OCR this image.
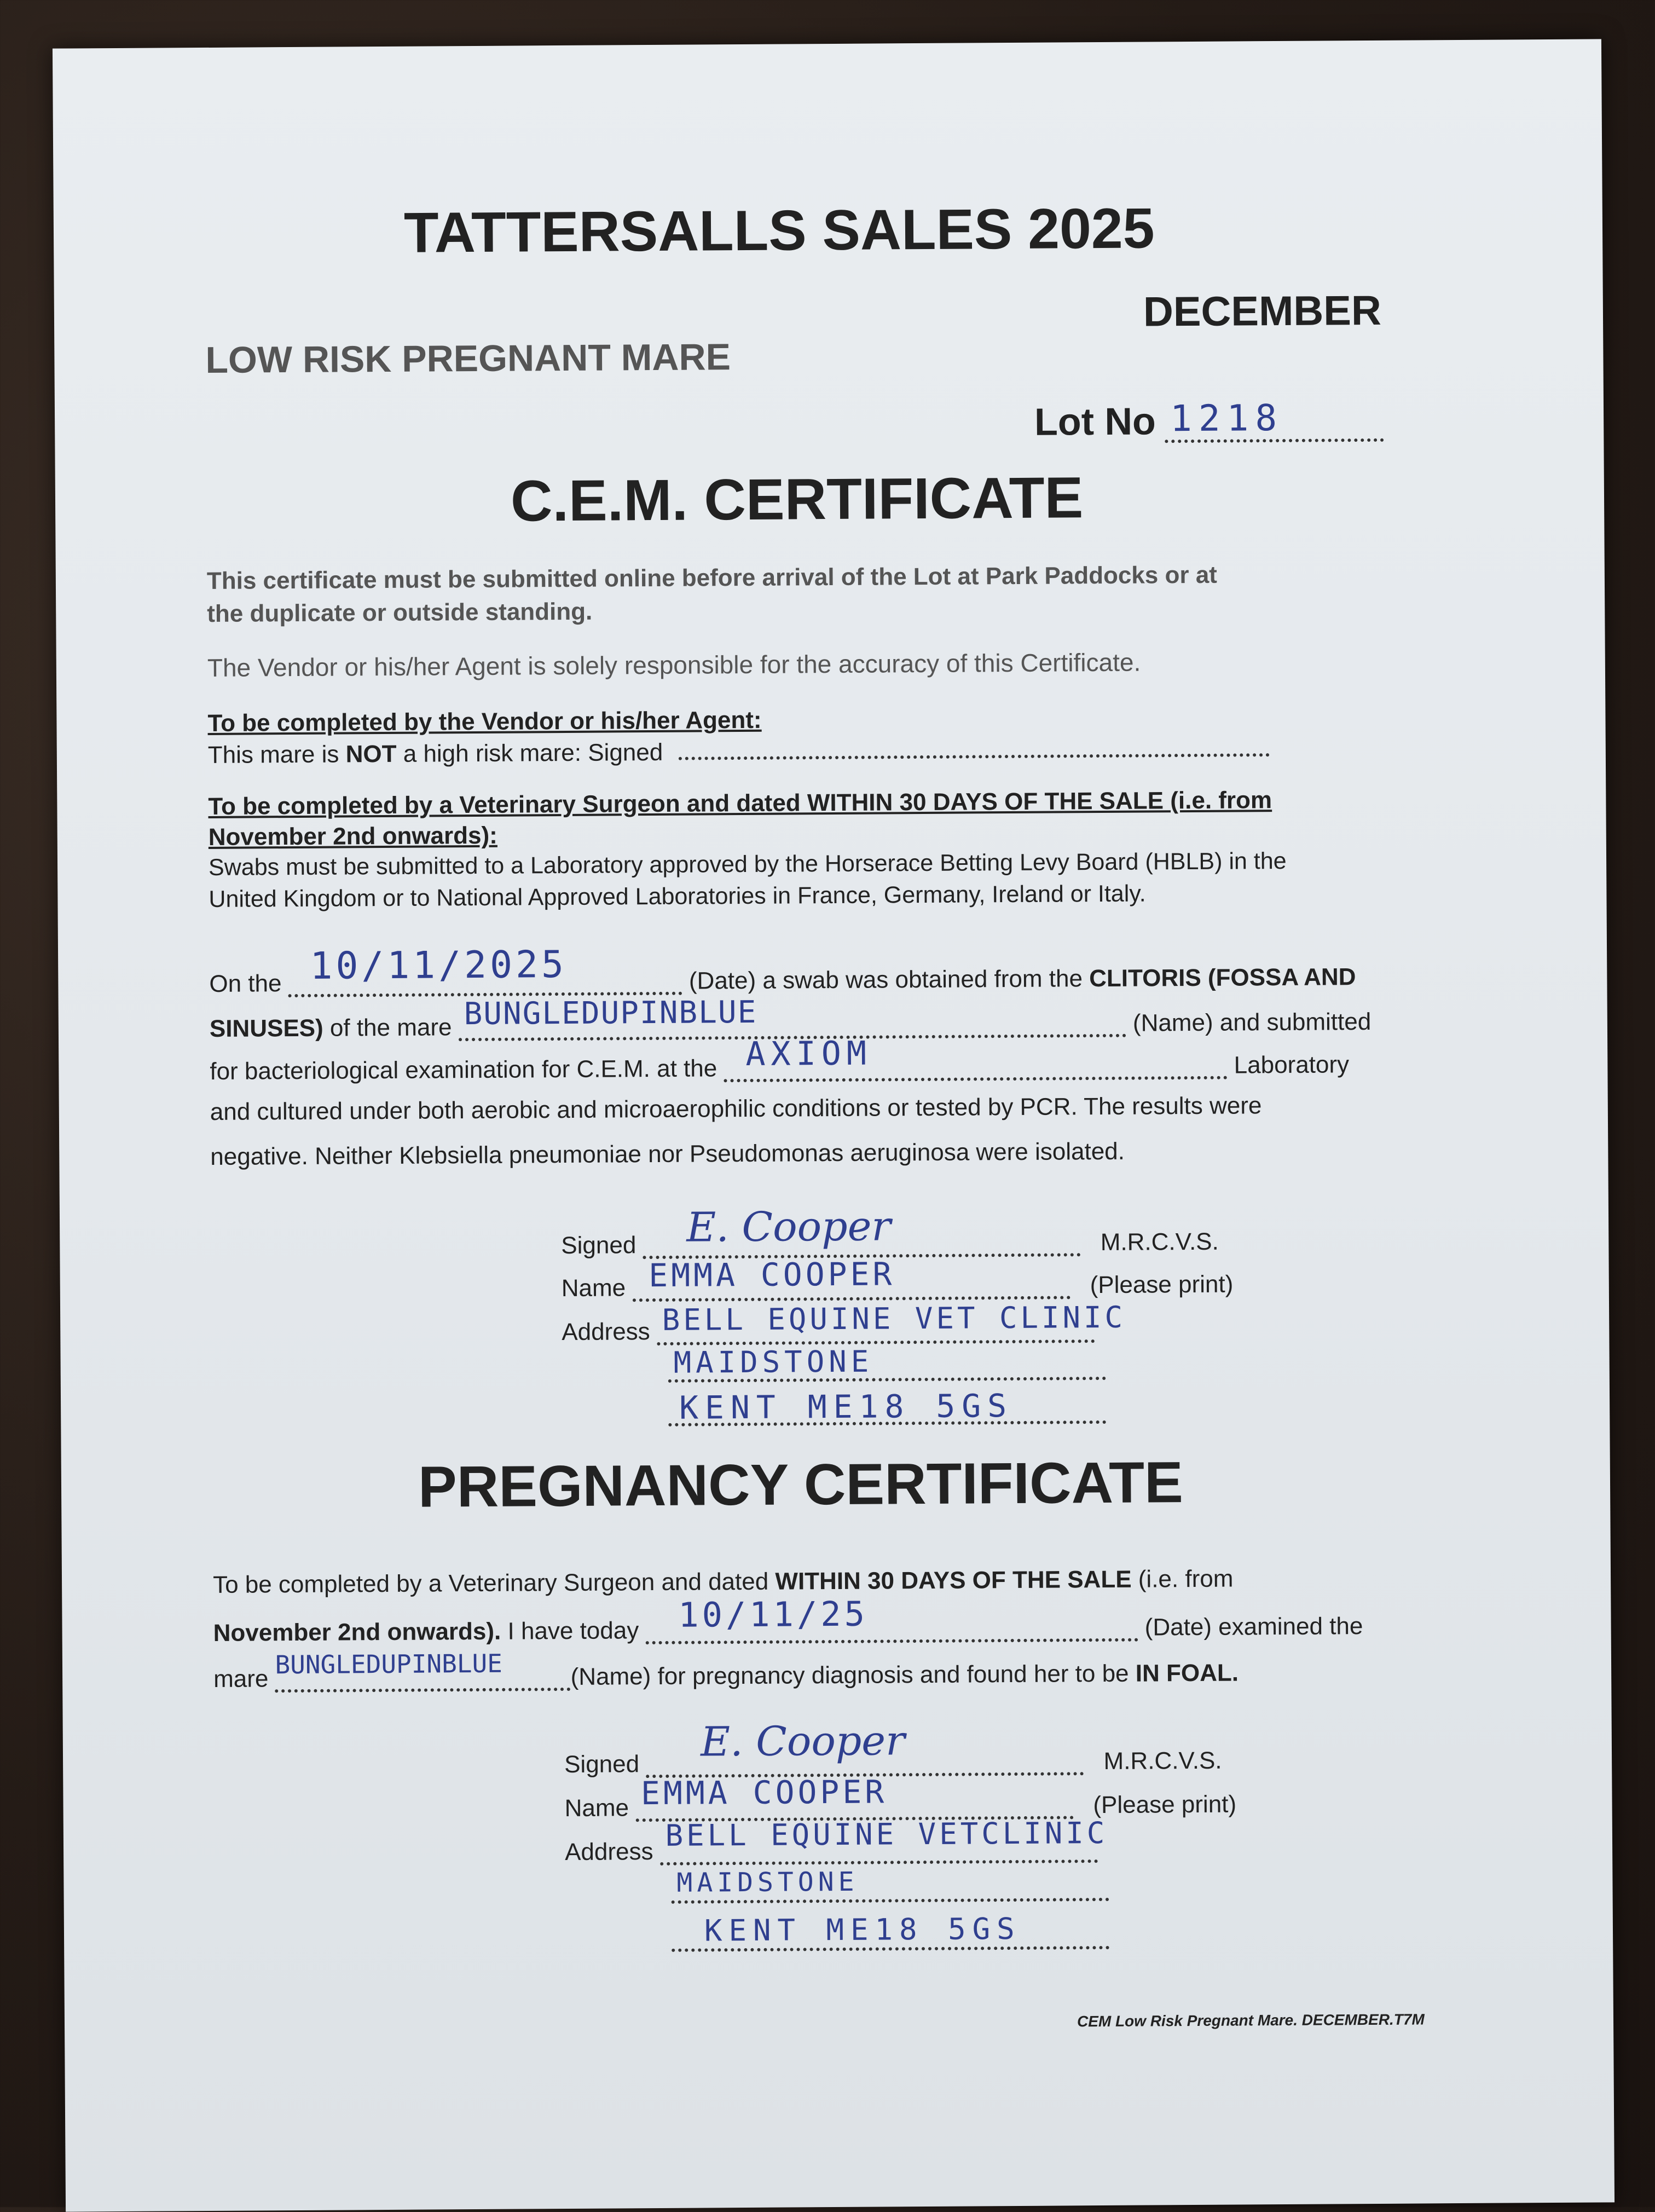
TATTERSALLS SALES 2025
DECEMBER
LOW RISK PREGNANT MARE
Lot No 1218
C.E.M. CERTIFICATE
This certificate must be submitted online before arrival of the Lot at Park Paddocks or at
the duplicate or outside standing.
The Vendor or his/her Agent is solely responsible for the accuracy of this Certificate.
To be completed by the Vendor or his/her Agent:
This mare is NOT a high risk mare: Signed
To be completed by a Veterinary Surgeon and dated WITHIN 30 DAYS OF THE SALE (i.e. from
November 2nd onwards):
Swabs must be submitted to a Laboratory approved by the Horserace Betting Levy Board (HBLB) in the
United Kingdom or to National Approved Laboratories in France, Germany, Ireland or Italy.
On the 10/11/2025	(Date) a swab was obtained from the CLITORIS (FOSSA AND
SINUSES) of the mare BUNGLEDUPINBLUE	(Name) and submitted
for bacteriological examination for C.E.M. at the AXIOM	Laboratory
and cultured under both aerobic and microaerophilic conditions or tested by PCR. The results were
negative. Neither Klebsiella pneumoniae nor Pseudomonas aeruginosa were isolated.
Signed E. Cooper	M.R.C.V.S.
Name EMMA COOPER	(Please print)
Address BELL EQUINE VET CLINIC
MAIDSTONE
KENT ME18 5GS
PREGNANCY CERTIFICATE
To be completed by a Veterinary Surgeon and dated WITHIN 30 DAYS OF THE SALE (i.e. from
November 2nd onwards). I have today 10/11/25	(Date) examined the
mare BUNGLEDUPINBLUE	(Name) for pregnancy diagnosis and found her to be IN FOAL.
Signed E. Cooper	M.R.C.V.S.
Name EMMA COOPER	(Please print)
Address BELL EQUINE VETCLINIC
MAIDSTONE
KENT ME18 5GS
CEM Low Risk Pregnant Mare. DECEMBER.T7M
